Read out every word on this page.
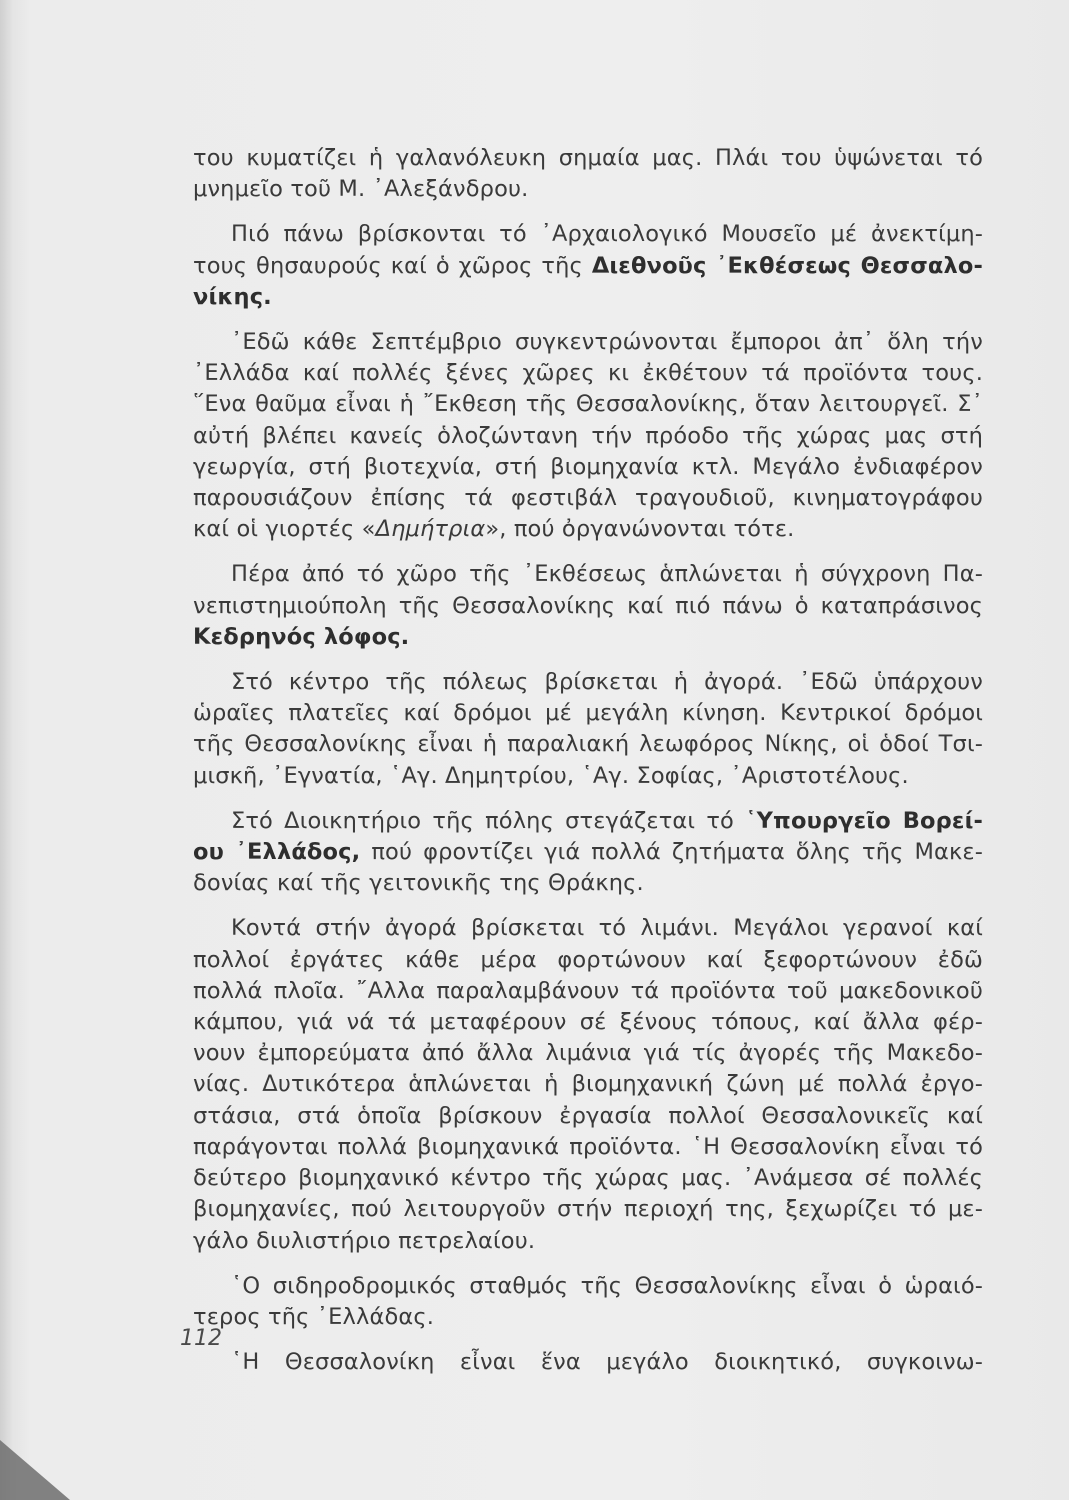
του κυματίζει ἡ γαλανόλευκη σημαία μας. Πλάι του ὑψώνεται τό
μνημεῖο τοῦ Μ. ᾽Αλεξάνδρου.
Πιό πάνω βρίσκονται τό ᾽Αρχαιολογικό Μουσεῖο μέ ἀνεκτίμη-
τους θησαυρούς καί ὁ χῶρος τῆς Διεθνοῦς ᾽Εκθέσεως Θεσσαλο-
νίκης.
᾽Εδῶ κάθε Σεπτέμβριο συγκεντρώνονται ἔμποροι ἀπ᾽ ὅλη τήν
᾽Ελλάδα καί πολλές ξένες χῶρες κι ἐκθέτουν τά προϊόντα τους.
῞Ενα θαῦμα εἶναι ἡ ῎Εκθεση τῆς Θεσσαλονίκης, ὅταν λειτουργεῖ. Σ᾽
αὐτή βλέπει κανείς ὁλοζώντανη τήν πρόοδο τῆς χώρας μας στή
γεωργία, στή βιοτεχνία, στή βιομηχανία κτλ. Μεγάλο ἐνδιαφέρον
παρουσιάζουν ἐπίσης τά φεστιβάλ τραγουδιοῦ, κινηματογράφου
καί οἱ γιορτές «Δημήτρια», πού ὀργανώνονται τότε.
Πέρα ἀπό τό χῶρο τῆς ᾽Εκθέσεως ἁπλώνεται ἡ σύγχρονη Πα-
νεπιστημιούπολη τῆς Θεσσαλονίκης καί πιό πάνω ὁ καταπράσινος
Κεδρηνός λόφος.
Στό κέντρο τῆς πόλεως βρίσκεται ἡ ἀγορά. ᾽Εδῶ ὑπάρχουν
ὡραῖες πλατεῖες καί δρόμοι μέ μεγάλη κίνηση. Κεντρικοί δρόμοι
τῆς Θεσσαλονίκης εἶναι ἡ παραλιακή λεωφόρος Νίκης, οἱ ὁδοί Τσι-
μισκῆ, ᾽Εγνατία, ῾Αγ. Δημητρίου, ῾Αγ. Σοφίας, ᾽Αριστοτέλους.
Στό Διοικητήριο τῆς πόλης στεγάζεται τό ῾Υπουργεῖο Βορεί-
ου ᾽Ελλάδος, πού φροντίζει γιά πολλά ζητήματα ὅλης τῆς Μακε-
δονίας καί τῆς γειτονικῆς της Θράκης.
Κοντά στήν ἀγορά βρίσκεται τό λιμάνι. Μεγάλοι γερανοί καί
πολλοί ἐργάτες κάθε μέρα φορτώνουν καί ξεφορτώνουν ἐδῶ
πολλά πλοῖα. ῎Αλλα παραλαμβάνουν τά προϊόντα τοῦ μακεδονικοῦ
κάμπου, γιά νά τά μεταφέρουν σέ ξένους τόπους, καί ἄλλα φέρ-
νουν ἐμπορεύματα ἀπό ἄλλα λιμάνια γιά τίς ἀγορές τῆς Μακεδο-
νίας. Δυτικότερα ἁπλώνεται ἡ βιομηχανική ζώνη μέ πολλά ἐργο-
στάσια, στά ὁποῖα βρίσκουν ἐργασία πολλοί Θεσσαλονικεῖς καί
παράγονται πολλά βιομηχανικά προϊόντα. ῾Η Θεσσαλονίκη εἶναι τό
δεύτερο βιομηχανικό κέντρο τῆς χώρας μας. ᾽Ανάμεσα σέ πολλές
βιομηχανίες, πού λειτουργοῦν στήν περιοχή της, ξεχωρίζει τό με-
γάλο διυλιστήριο πετρελαίου.
῾Ο σιδηροδρομικός σταθμός τῆς Θεσσαλονίκης εἶναι ὁ ὡραιό-
τερος τῆς ᾽Ελλάδας.
῾Η Θεσσαλονίκη εἶναι ἕνα μεγάλο διοικητικό, συγκοινω-
112
